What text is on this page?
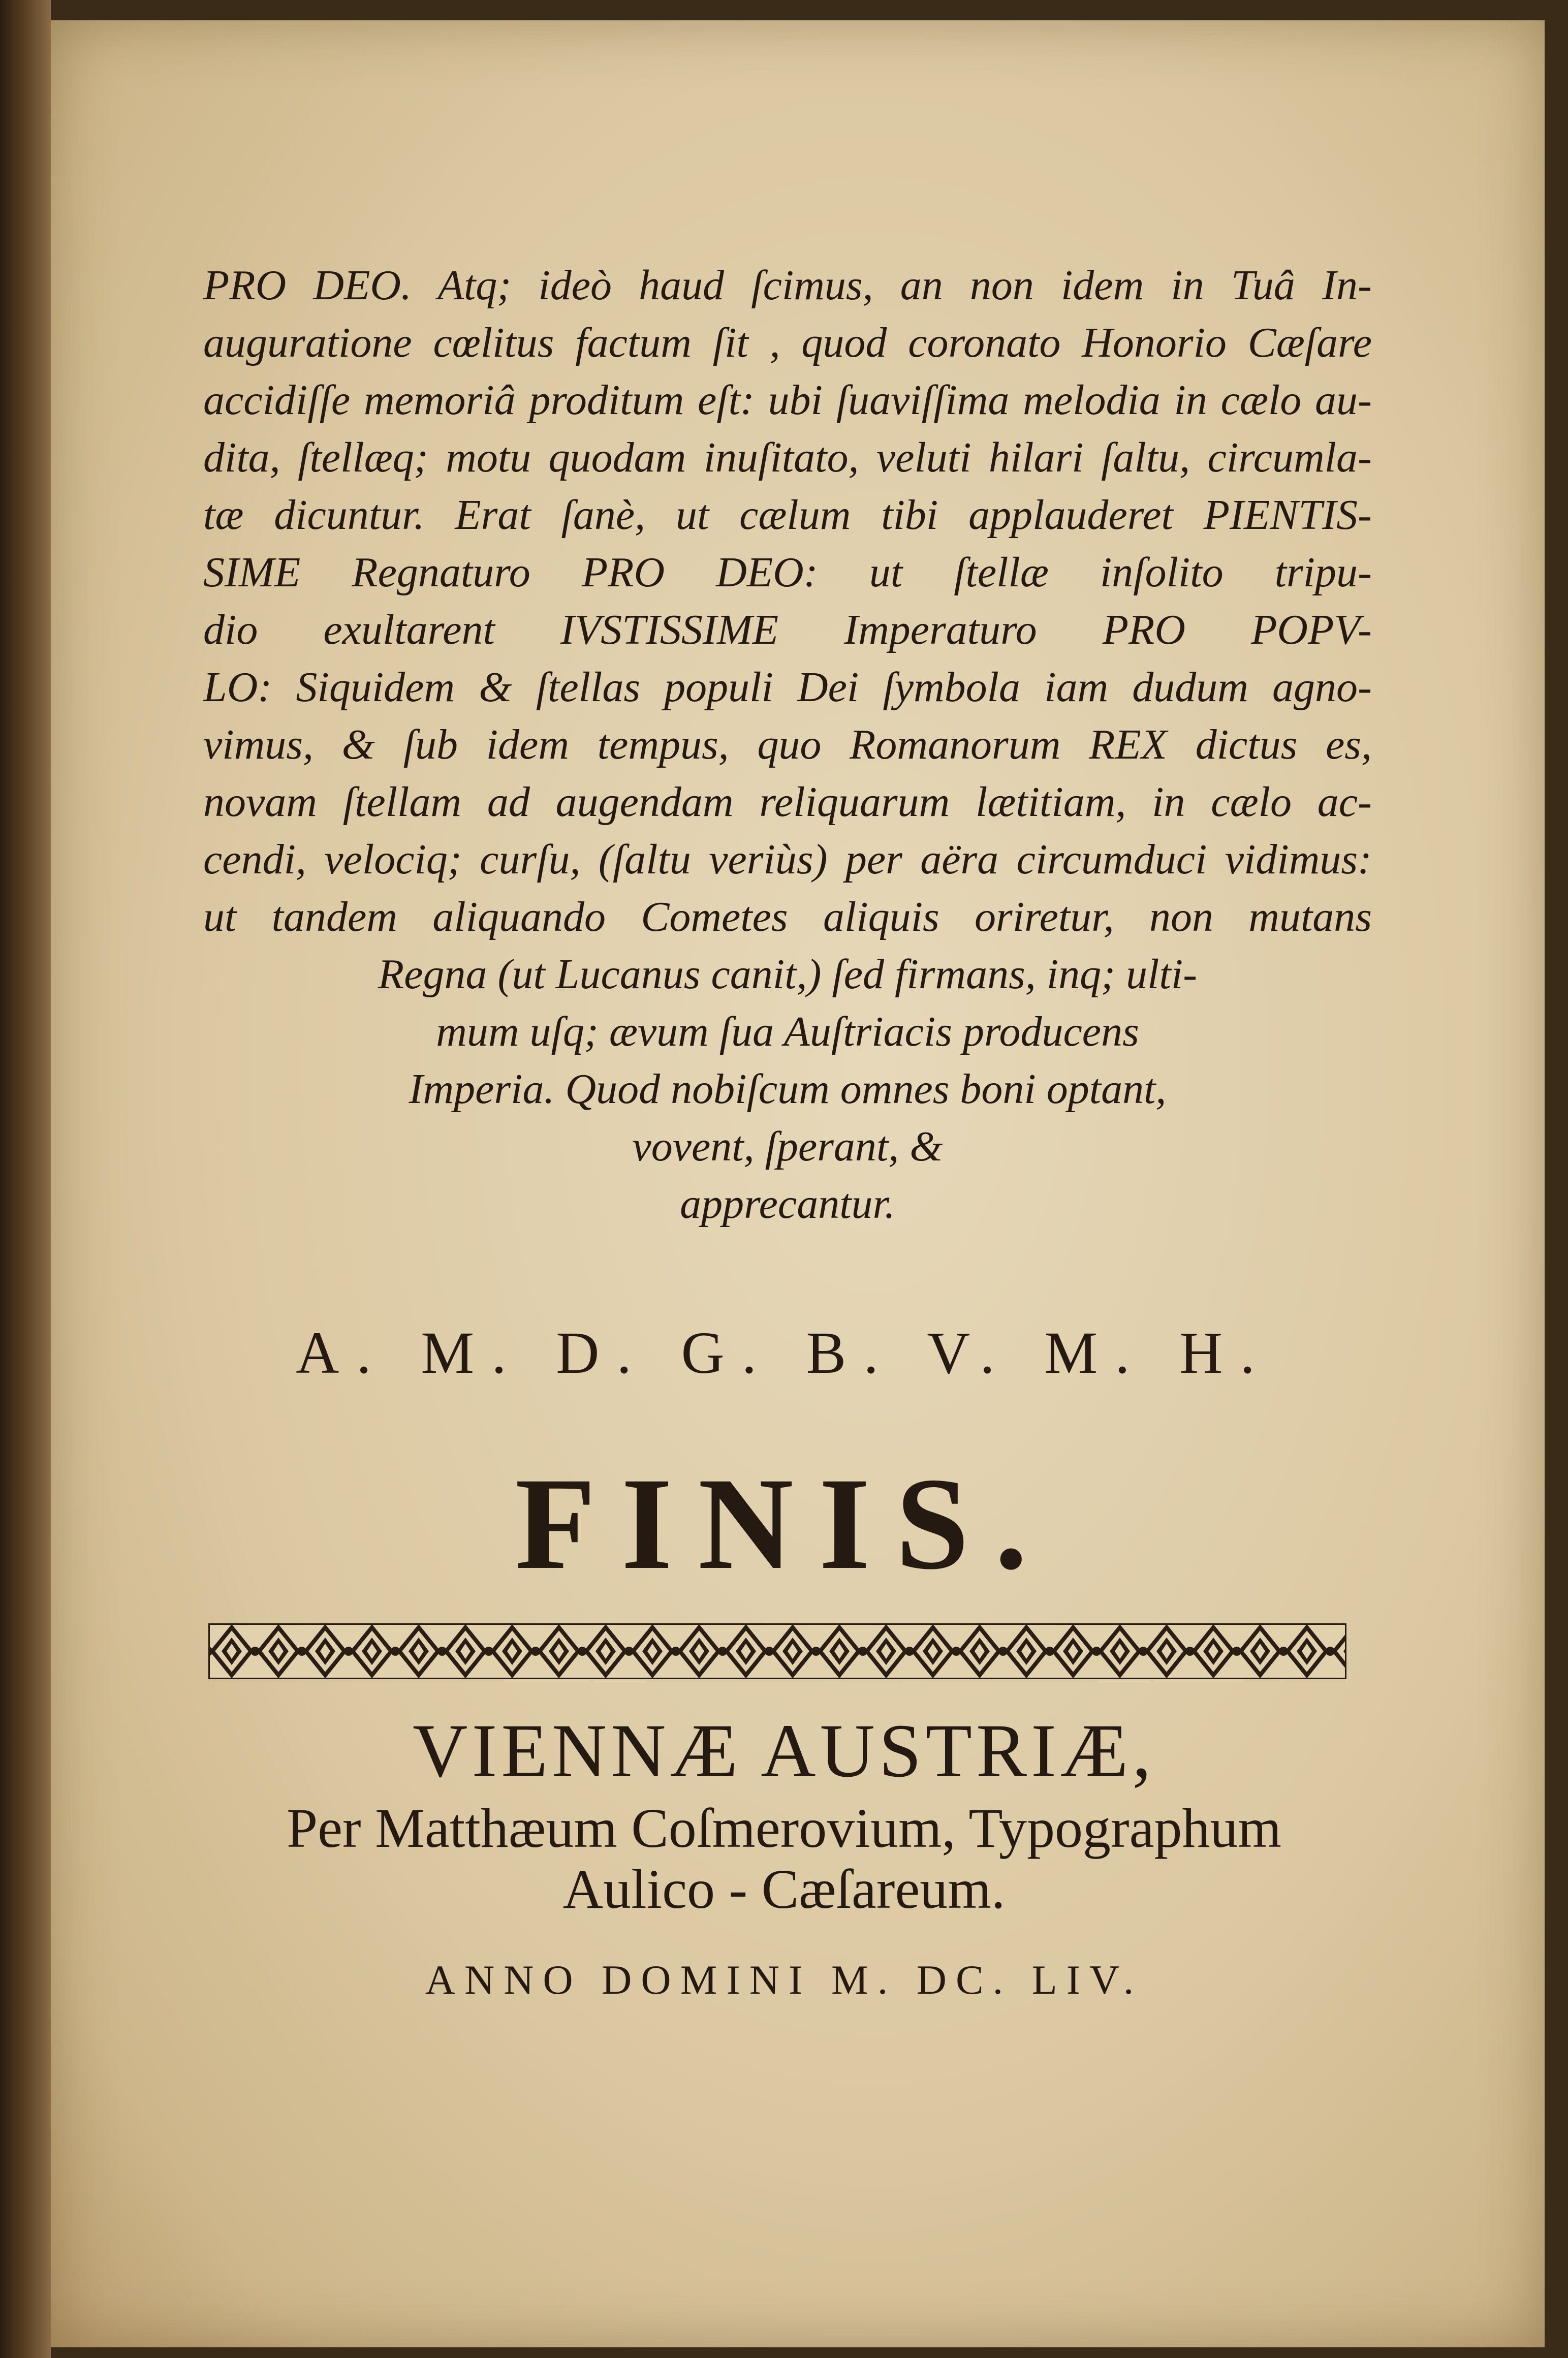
PRO DEO. Atq; ideò haud ſcimus, an non idem in Tuâ In-
auguratione cœlitus factum ſit , quod coronato Honorio Cæſare
accidiſſe memoriâ proditum eſt: ubi ſuaviſſima melodia in cælo au-
dita, ſtellæq; motu quodam inuſitato, veluti hilari ſaltu, circumla-
tæ dicuntur. Erat ſanè, ut cælum tibi applauderet PIENTIS-
SIME Regnaturo PRO DEO: ut ſtellæ inſolito tripu-
dio exultarent IVSTISSIME Imperaturo PRO POPV-
LO: Siquidem & ſtellas populi Dei ſymbola iam dudum agno-
vimus, & ſub idem tempus, quo Romanorum REX dictus es,
novam ſtellam ad augendam reliquarum lætitiam, in cælo ac-
cendi, velociq; curſu, (ſaltu veriùs) per aëra circumduci vidimus:
ut tandem aliquando Cometes aliquis oriretur, non mutans
Regna (ut Lucanus canit,) ſed firmans, inq; ulti-
mum uſq; ævum ſua Auſtriacis producens
Imperia. Quod nobiſcum omnes boni optant,
vovent, ſperant, &
apprecantur.
A. M. D. G. B. V. M. H.
FINIS.
VIENNÆ AUSTRIÆ,
Per Matthæum Coſmerovium, Typographum
Aulico - Cæſareum.
ANNO DOMINI M. DC. LIV.
